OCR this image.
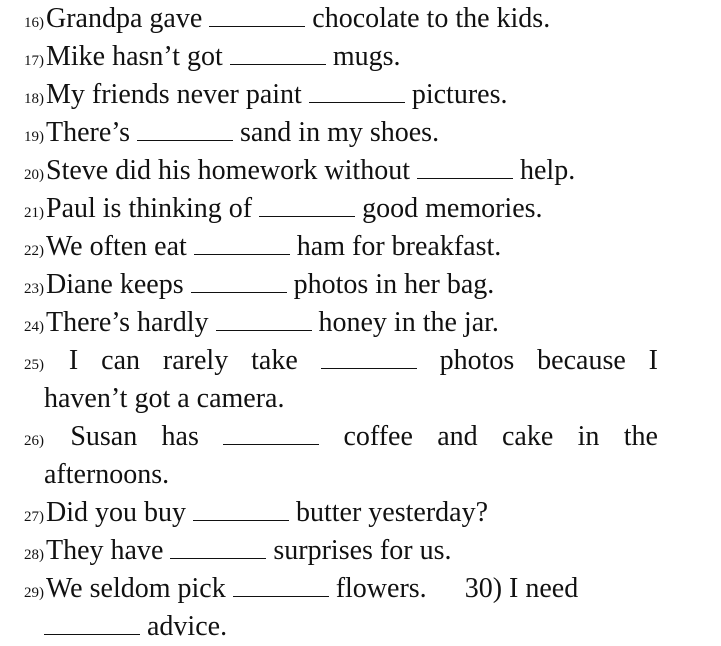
16)Grandpa gave	chocolate to the kids.
17)Mike hasn’t got	mugs.
18)My friends never paint	pictures.
19)There’s	sand in my shoes.
20)Steve did his homework without	help.
21)Paul is thinking of	good memories.
22)We often eat	ham for breakfast.
23)Diane keeps	photos in her bag.
24)There’s hardly	honey in the jar.
25) I can rarely take	photos because I
haven’t got a camera.
26) Susan has	coffee and cake in the
afternoons.
27)Did you buy	butter yesterday?
28)They have	surprises for us.
29)We seldom pick	flowers. 30) I need
advice.
